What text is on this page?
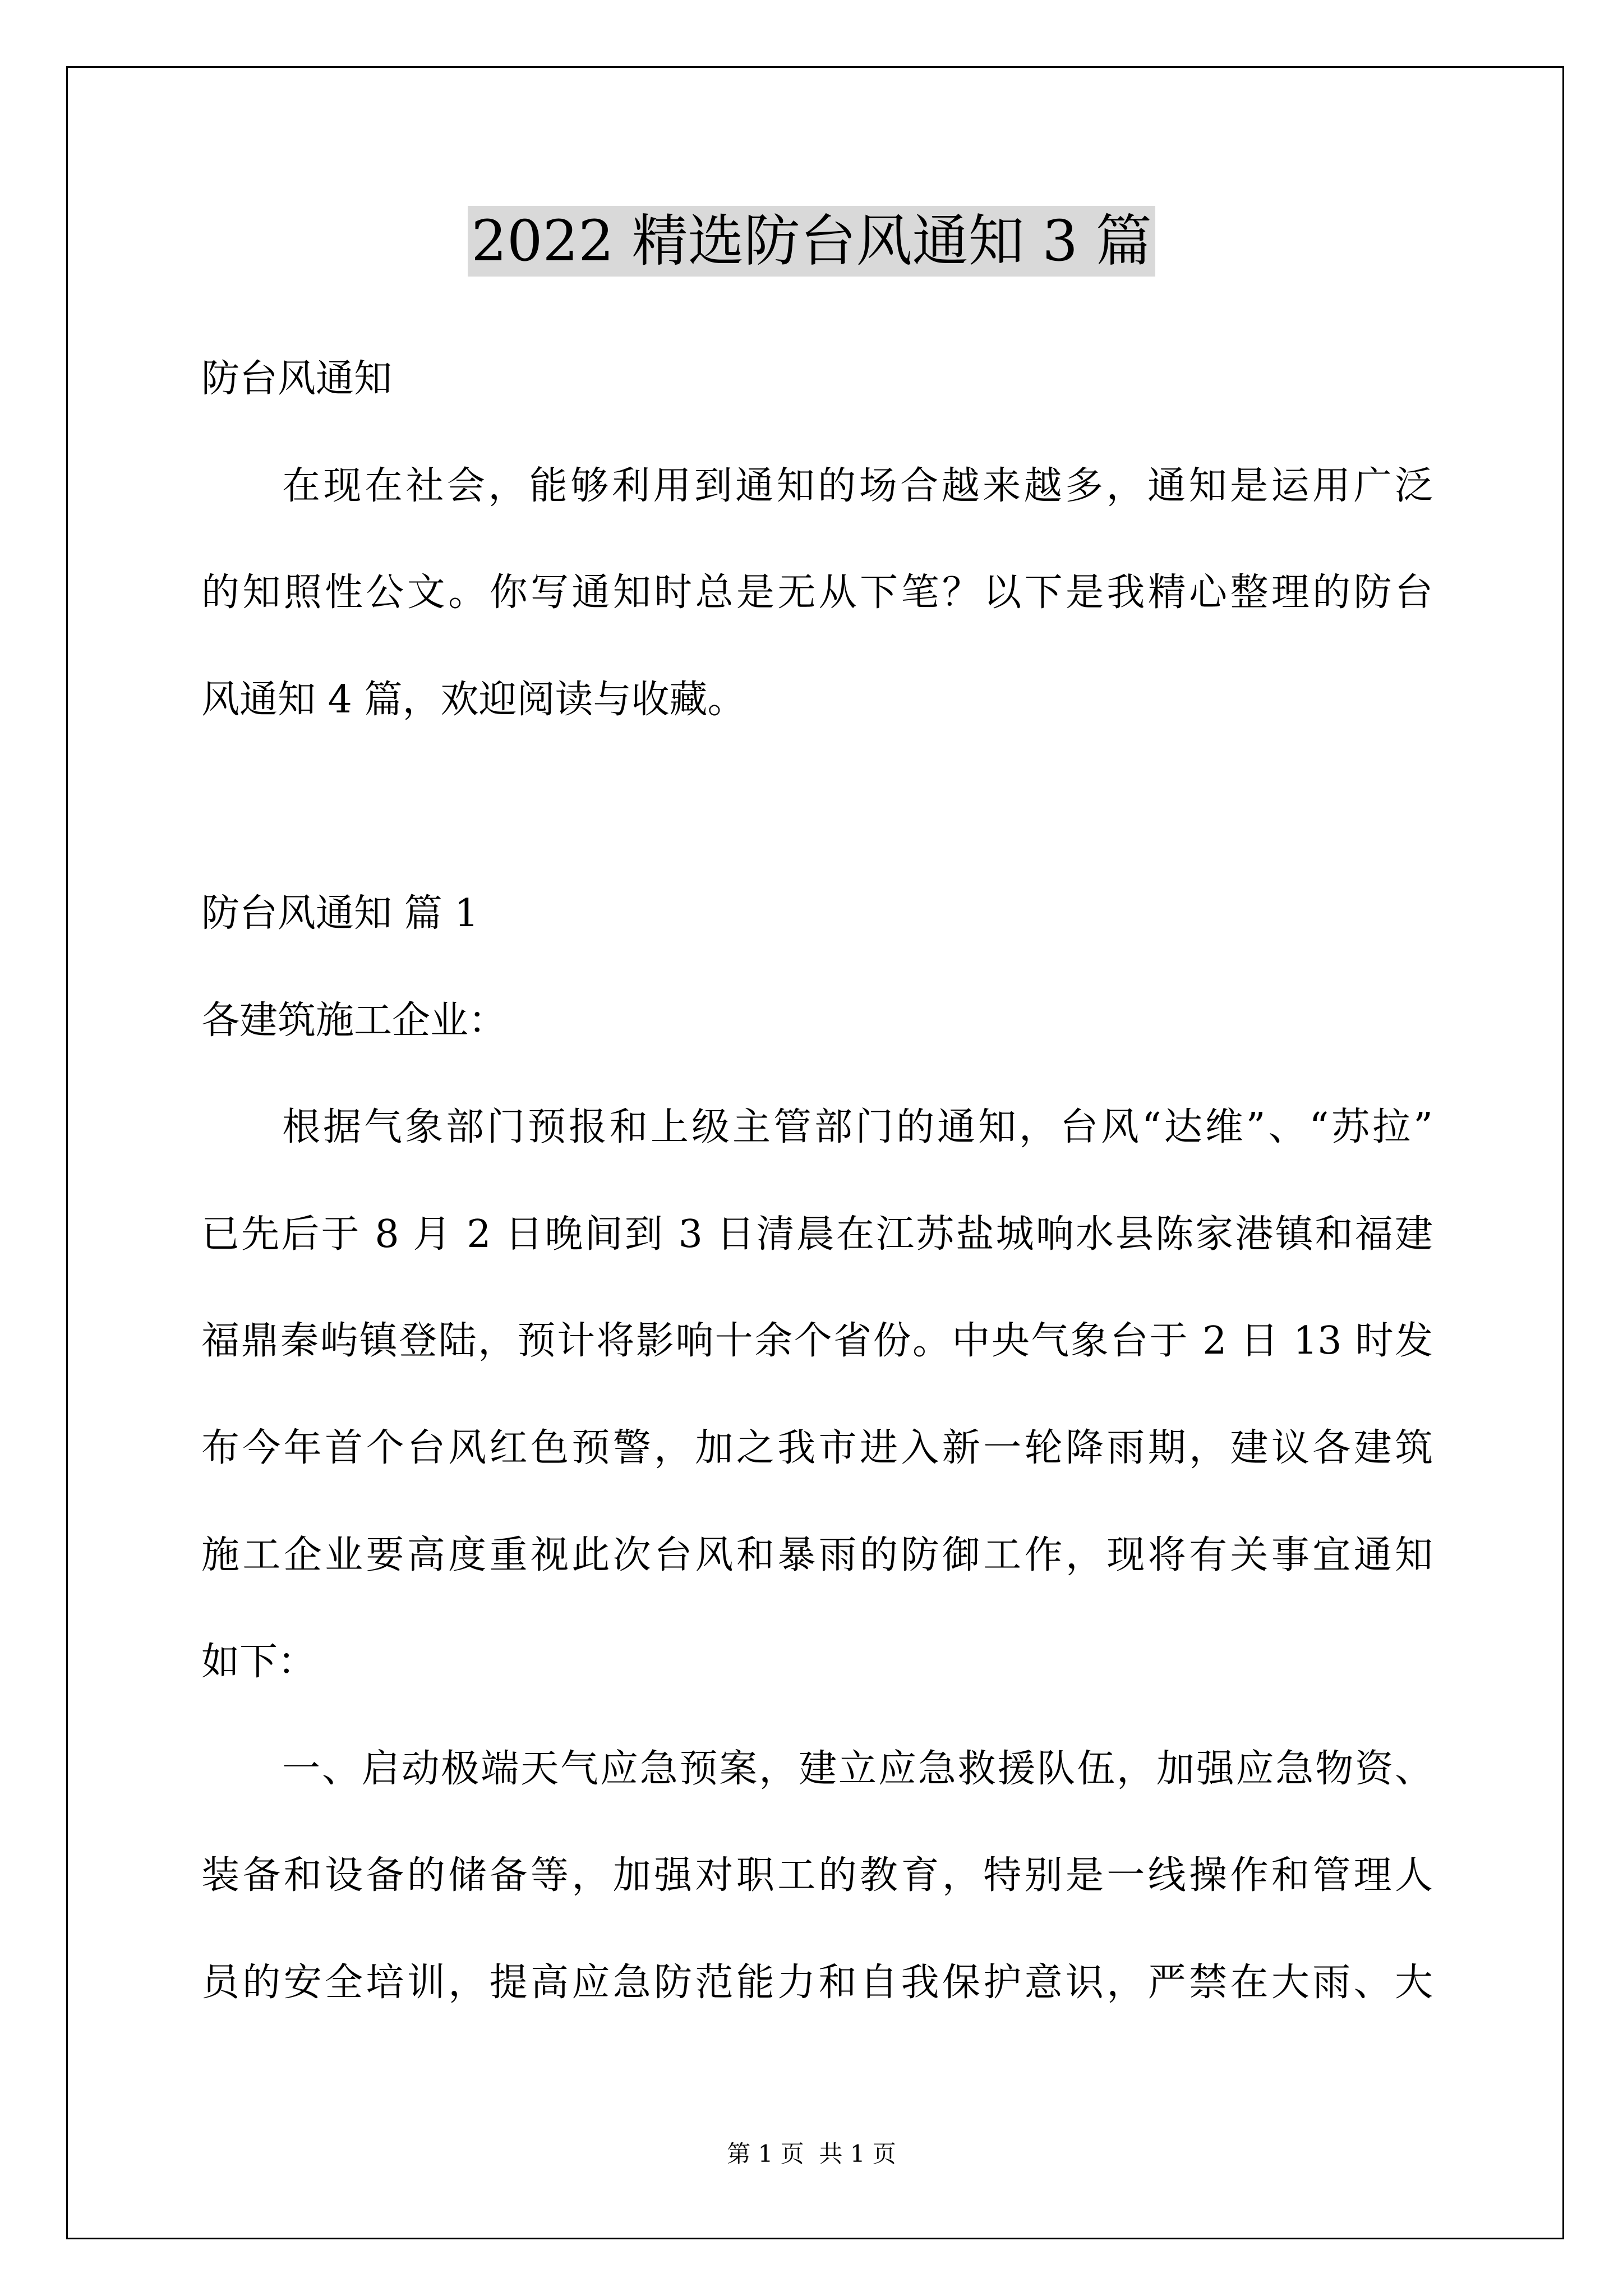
2022 精选防台风通知 3 篇
防台风通知
在现在社会，能够利用到通知的场合越来越多，通知是运用广泛
的知照性公文。你写通知时总是无从下笔？以下是我精心整理的防台
风通知 4 篇，欢迎阅读与收藏。
防台风通知 篇 1
各建筑施工企业：
根据气象部门预报和上级主管部门的通知，台风“达维”、“苏拉”
已先后于 8 月 2 日晚间到 3 日清晨在江苏盐城响水县陈家港镇和福建
福鼎秦屿镇登陆，预计将影响十余个省份。中央气象台于 2 日 13 时发
布今年首个台风红色预警，加之我市进入新一轮降雨期，建议各建筑
施工企业要高度重视此次台风和暴雨的防御工作，现将有关事宜通知
如下：
一、启动极端天气应急预案，建立应急救援队伍，加强应急物资、
装备和设备的储备等，加强对职工的教育，特别是一线操作和管理人
员的安全培训，提高应急防范能力和自我保护意识，严禁在大雨、大
第 1 页  共 1 页
